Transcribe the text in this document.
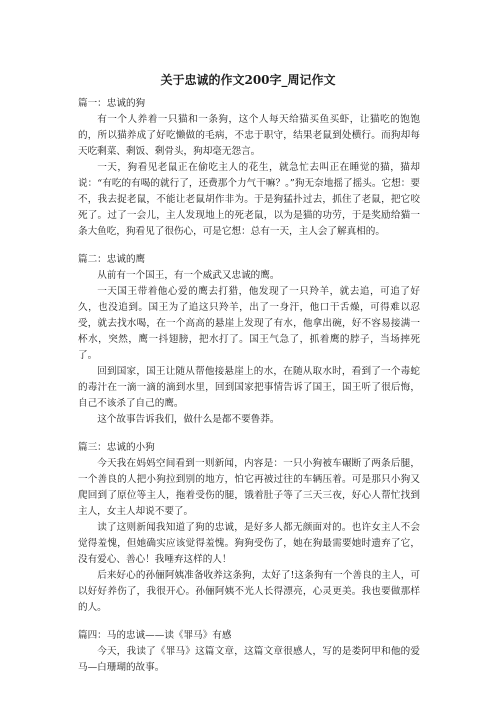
关于忠诚的作文200字_周记作文
篇一：忠诚的狗

有一个人养着一只猫和一条狗，这个人每天给猫买鱼买虾，让猫吃的饱饱的，所以猫养成了好吃懒做的毛病，不忠于职守，结果老鼠到处横行。而狗却每天吃剩菜、剩饭、剩骨头，狗却毫无怨言。

一天，狗看见老鼠正在偷吃主人的花生，就急忙去叫正在睡觉的猫，猫却说：“有吃的有喝的就行了，还费那个力气干嘛？。”狗无奈地摇了摇头。它想：要不，我去捉老鼠，不能让老鼠胡作非为。于是狗猛扑过去，抓住了老鼠，把它咬死了。过了一会儿，主人发现地上的死老鼠，以为是猫的功劳，于是奖励给猫一条大鱼吃，狗看见了很伤心，可是它想：总有一天，主人会了解真相的。

篇二：忠诚的鹰

从前有一个国王，有一个威武又忠诚的鹰。

一天国王带着他心爱的鹰去打猎，他发现了一只羚羊，就去追，可追了好久，也没追到。国王为了追这只羚羊，出了一身汗，他口干舌燥，可得难以忍受，就去找水喝，在一个高高的悬崖上发现了有水，他拿出碗，好不容易接满一杯水，突然，鹰一抖翅膀，把水打了。国王气急了，抓着鹰的脖子，当场摔死了。

回到国家，国王让随从帮他接悬崖上的水，在随从取水时，看到了一个毒蛇的毒汁在一滴一滴的滴到水里，回到国家把事情告诉了国王，国王听了很后悔，自己不该杀了自己的鹰。

这个故事告诉我们，做什么是都不要鲁莽。

篇三：忠诚的小狗

今天我在妈妈空间看到一则新闻，内容是：一只小狗被车碾断了两条后腿，一个善良的人把小狗拉到别的地方，怕它再被过往的车辆压着。可是那只小狗又爬回到了原位等主人，拖着受伤的腿，饿着肚子等了三天三夜，好心人帮忙找到主人，女主人却说不要了。

读了这则新闻我知道了狗的忠诚，是好多人都无颜面对的。也许女主人不会觉得羞愧，但她确实应该觉得羞愧。狗狗受伤了，她在狗最需要她时遗弃了它，没有爱心、善心！我唾弃这样的人！

后来好心的孙俪阿姨准备收养这条狗，太好了!这条狗有一个善良的主人，可以好好养伤了，我很开心。孙俪阿姨不光人长得漂亮，心灵更美。我也要做那样的人。

篇四：马的忠诚——读《罪马》有感

今天，我读了《罪马》这篇文章，这篇文章很感人，写的是娄阿甲和他的爱马—白珊瑚的故事。
